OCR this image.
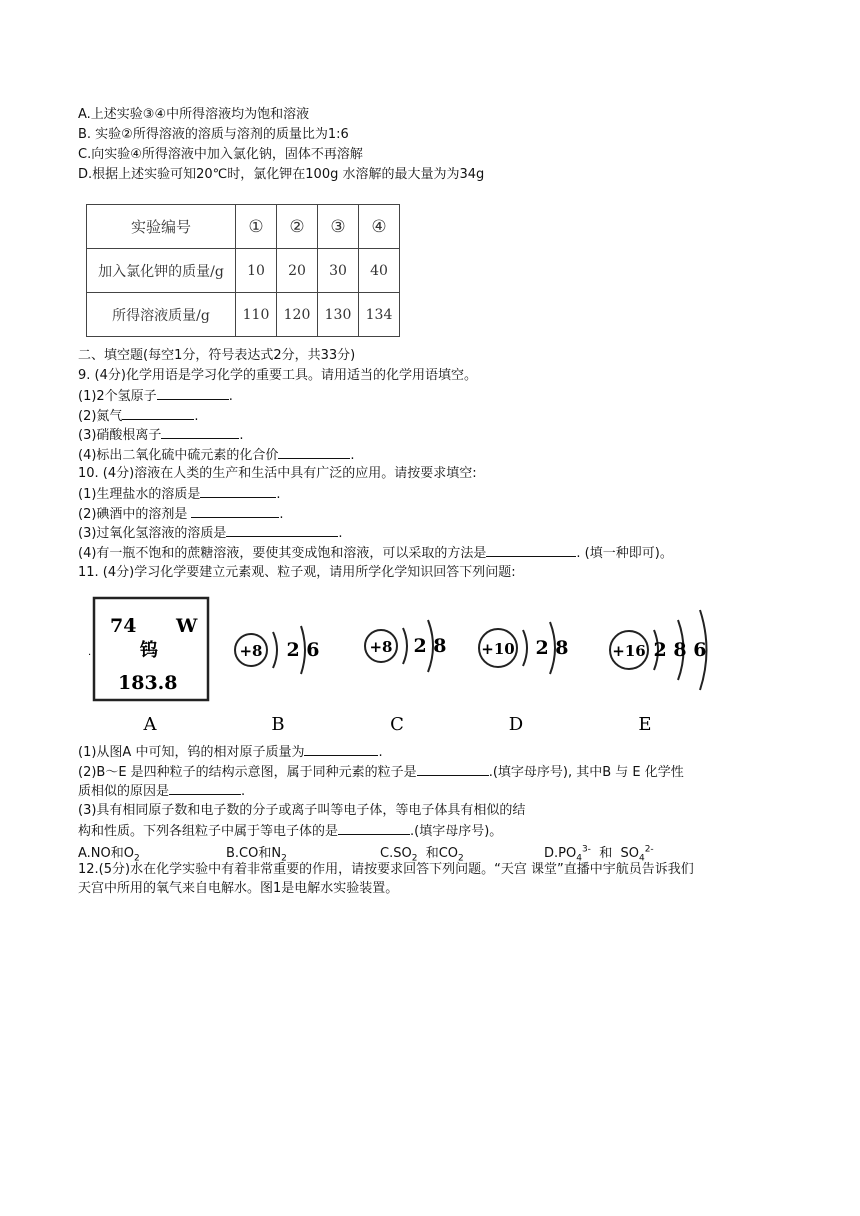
A.上述实验③④中所得溶液均为饱和溶液
B. 实验②所得溶液的溶质与溶剂的质量比为1:6
C.向实验④所得溶液中加入氯化钠，固体不再溶解
D.根据上述实验可知20℃时，氯化钾在100g 水溶解的最大量为为34g
实验编号	①	②	③	④
加入氯化钾的质量/g	10	20	30	40
所得溶液质量/g	110	120	130	134
二、填空题(每空1分，符号表达式2分，共33分)
9. (4分)化学用语是学习化学的重要工具。请用适当的化学用语填空。
(1)2个氢原子	.
(2)氮气	.
(3)硝酸根离子	.
(4)标出二氧化硫中硫元素的化合价	.
10. (4分)溶液在人类的生产和生活中具有广泛的应用。请按要求填空:
(1)生理盐水的溶质是	.
(2)碘酒中的溶剂是	.
(3)过氧化氢溶液的溶质是	.
(4)有一瓶不饱和的蔗糖溶液，要使其变成饱和溶液，可以采取的方法是	. (填一种即可)。
11. (4分)学习化学要建立元素观、粒子观，请用所学化学知识回答下列问题:
74 W
钨
183.8
·	+8 2 6	+8 2 8 +10 2 8	+16 2 8 6
A	B	C	D	E
(1)从图A 中可知，钨的相对原子质量为	.
(2)B～E 是四种粒子的结构示意图，属于同种元素的粒子是	.(填字母序号), 其中B 与 E 化学性
质相似的原因是	.
(3)具有相同原子数和电子数的分子或离子叫等电子体，等电子体具有相似的结
构和性质。下列各组粒子中属于等电子体的是	.(填字母序号)。
A.NO和$O_2$	B.CO和$N_2$	$C.SO_2$  和$CO_2$	$D.PO_4^{3-}$  和  $SO_4^{2-}$
12.(5分)水在化学实验中有着非常重要的作用，请按要求回答下列问题。“天宫 课堂”直播中宇航员告诉我们
天宫中所用的氧气来自电解水。图1是电解水实验装置。
